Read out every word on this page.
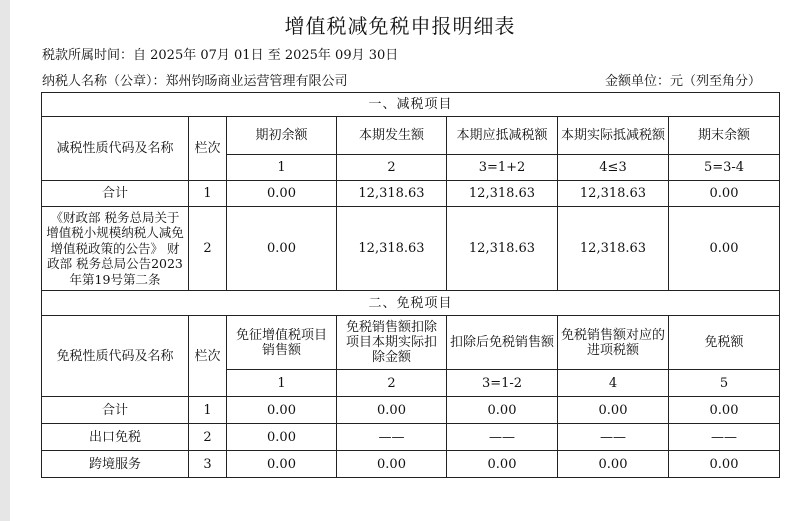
增值税减免税申报明细表
税款所属时间：自 2025年 07月 01日 至 2025年 09月 30日
纳税人名称（公章）：郑州钧旸商业运营管理有限公司	金额单位：元（列至角分）
一、减税项目						
减税性质代码及名称	栏次	期初余额	本期发生额	本期应抵减税额	本期实际抵减税额	期末余额
		1	2	3=1+2	4≤3	5=3-4
合计	1	0.00	12,318.63	12,318.63	12,318.63	0.00
《财政部 税务总局关于增值税小规模纳税人减免增值税政策的公告》 财政部 税务总局公告2023年第19号第二条	2	0.00	12,318.63	12,318.63	12,318.63	0.00
二、免税项目						
免税性质代码及名称	栏次	免征增值税项目销售额	免税销售额扣除项目本期实际扣除金额	扣除后免税销售额	免税销售额对应的进项税额	免税额
		1	2	3=1-2	4	5
合计	1	0.00	0.00	0.00	0.00	0.00
出口免税	2	0.00	——	——	——	——
跨境服务	3	0.00	0.00	0.00	0.00	0.00
